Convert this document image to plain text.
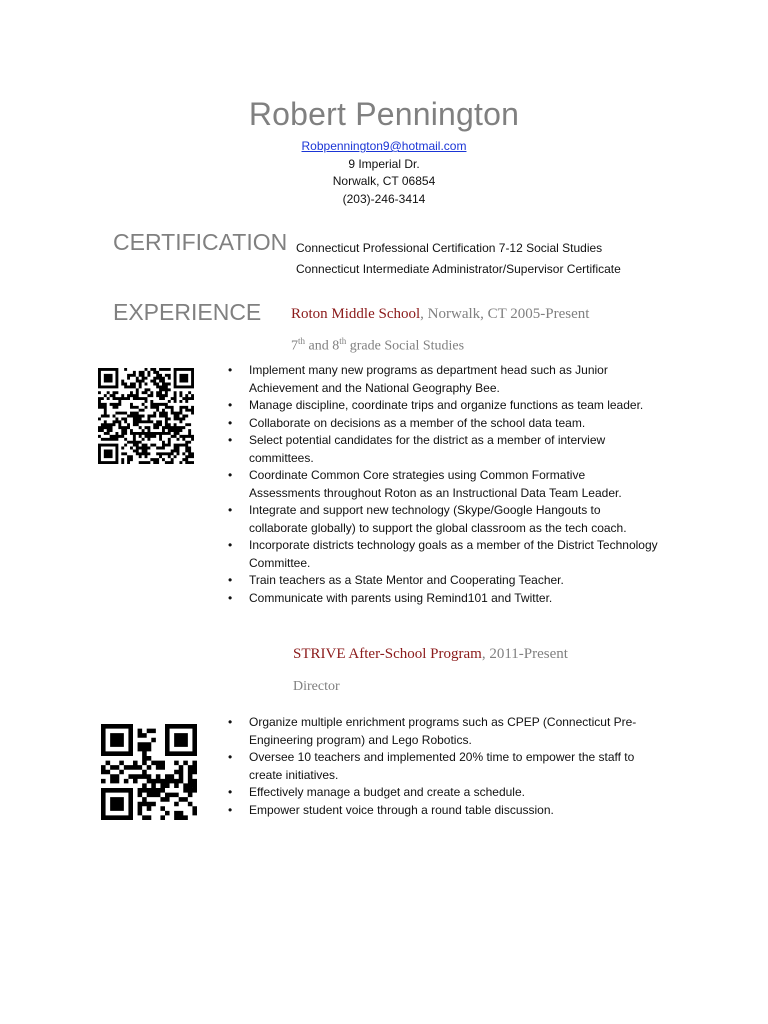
Robert Pennington
Robpennington9@hotmail.com
9 Imperial Dr.
Norwalk, CT 06854
(203)-246-3414
CERTIFICATION Connecticut Professional Certification 7-12 Social Studies
Connecticut Intermediate Administrator/Supervisor Certificate
EXPERIENCE Roton Middle School, Norwalk, CT 2005-Present
7th and 8th grade Social Studies
• Implement many new programs as department head such as Junior Achievement and the National Geography Bee.
• Manage discipline, coordinate trips and organize functions as team leader.
• Collaborate on decisions as a member of the school data team.
• Select potential candidates for the district as a member of interview committees.
• Coordinate Common Core strategies using Common Formative Assessments throughout Roton as an Instructional Data Team Leader.
• Integrate and support new technology (Skype/Google Hangouts to collaborate globally) to support the global classroom as the tech coach.
• Incorporate districts technology goals as a member of the District Technology Committee.
• Train teachers as a State Mentor and Cooperating Teacher.
• Communicate with parents using Remind101 and Twitter.
STRIVE After-School Program, 2011-Present
Director
• Organize multiple enrichment programs such as CPEP (Connecticut Pre-Engineering program) and Lego Robotics.
• Oversee 10 teachers and implemented 20% time to empower the staff to create initiatives.
• Effectively manage a budget and create a schedule.
• Empower student voice through a round table discussion.
